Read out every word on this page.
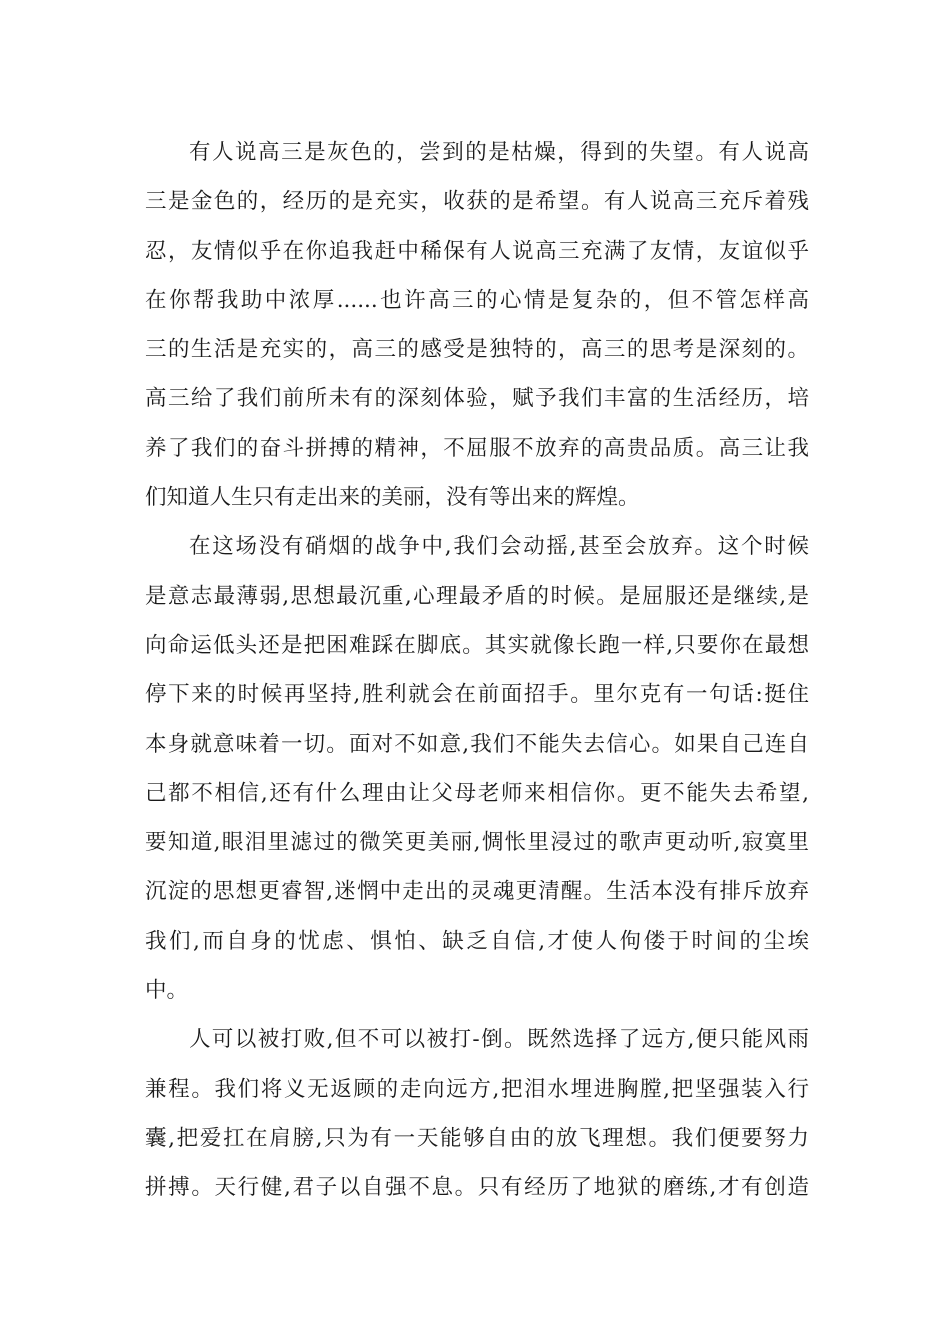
有人说高三是灰色的，尝到的是枯燥，得到的失望。有人说高
三是金色的，经历的是充实，收获的是希望。有人说高三充斥着残
忍，友情似乎在你追我赶中稀保有人说高三充满了友情，友谊似乎
在你帮我助中浓厚......也许高三的心情是复杂的，但不管怎样高
三的生活是充实的，高三的感受是独特的，高三的思考是深刻的。
高三给了我们前所未有的深刻体验，赋予我们丰富的生活经历，培
养了我们的奋斗拼搏的精神，不屈服不放弃的高贵品质。高三让我
们知道人生只有走出来的美丽，没有等出来的辉煌。
在这场没有硝烟的战争中,我们会动摇,甚至会放弃。这个时候
是意志最薄弱,思想最沉重,心理最矛盾的时候。是屈服还是继续,是
向命运低头还是把困难踩在脚底。其实就像长跑一样,只要你在最想
停下来的时候再坚持,胜利就会在前面招手。里尔克有一句话:挺住
本身就意味着一切。面对不如意,我们不能失去信心。如果自己连自
己都不相信,还有什么理由让父母老师来相信你。更不能失去希望,
要知道,眼泪里滤过的微笑更美丽,惆怅里浸过的歌声更动听,寂寞里
沉淀的思想更睿智,迷惘中走出的灵魂更清醒。生活本没有排斥放弃
我们,而自身的忧虑、惧怕、缺乏自信,才使人佝偻于时间的尘埃
中。
人可以被打败,但不可以被打-倒。既然选择了远方,便只能风雨
兼程。我们将义无返顾的走向远方,把泪水埋进胸膛,把坚强装入行
囊,把爱扛在肩膀,只为有一天能够自由的放飞理想。我们便要努力
拼搏。天行健,君子以自强不息。只有经历了地狱的磨练,才有创造
